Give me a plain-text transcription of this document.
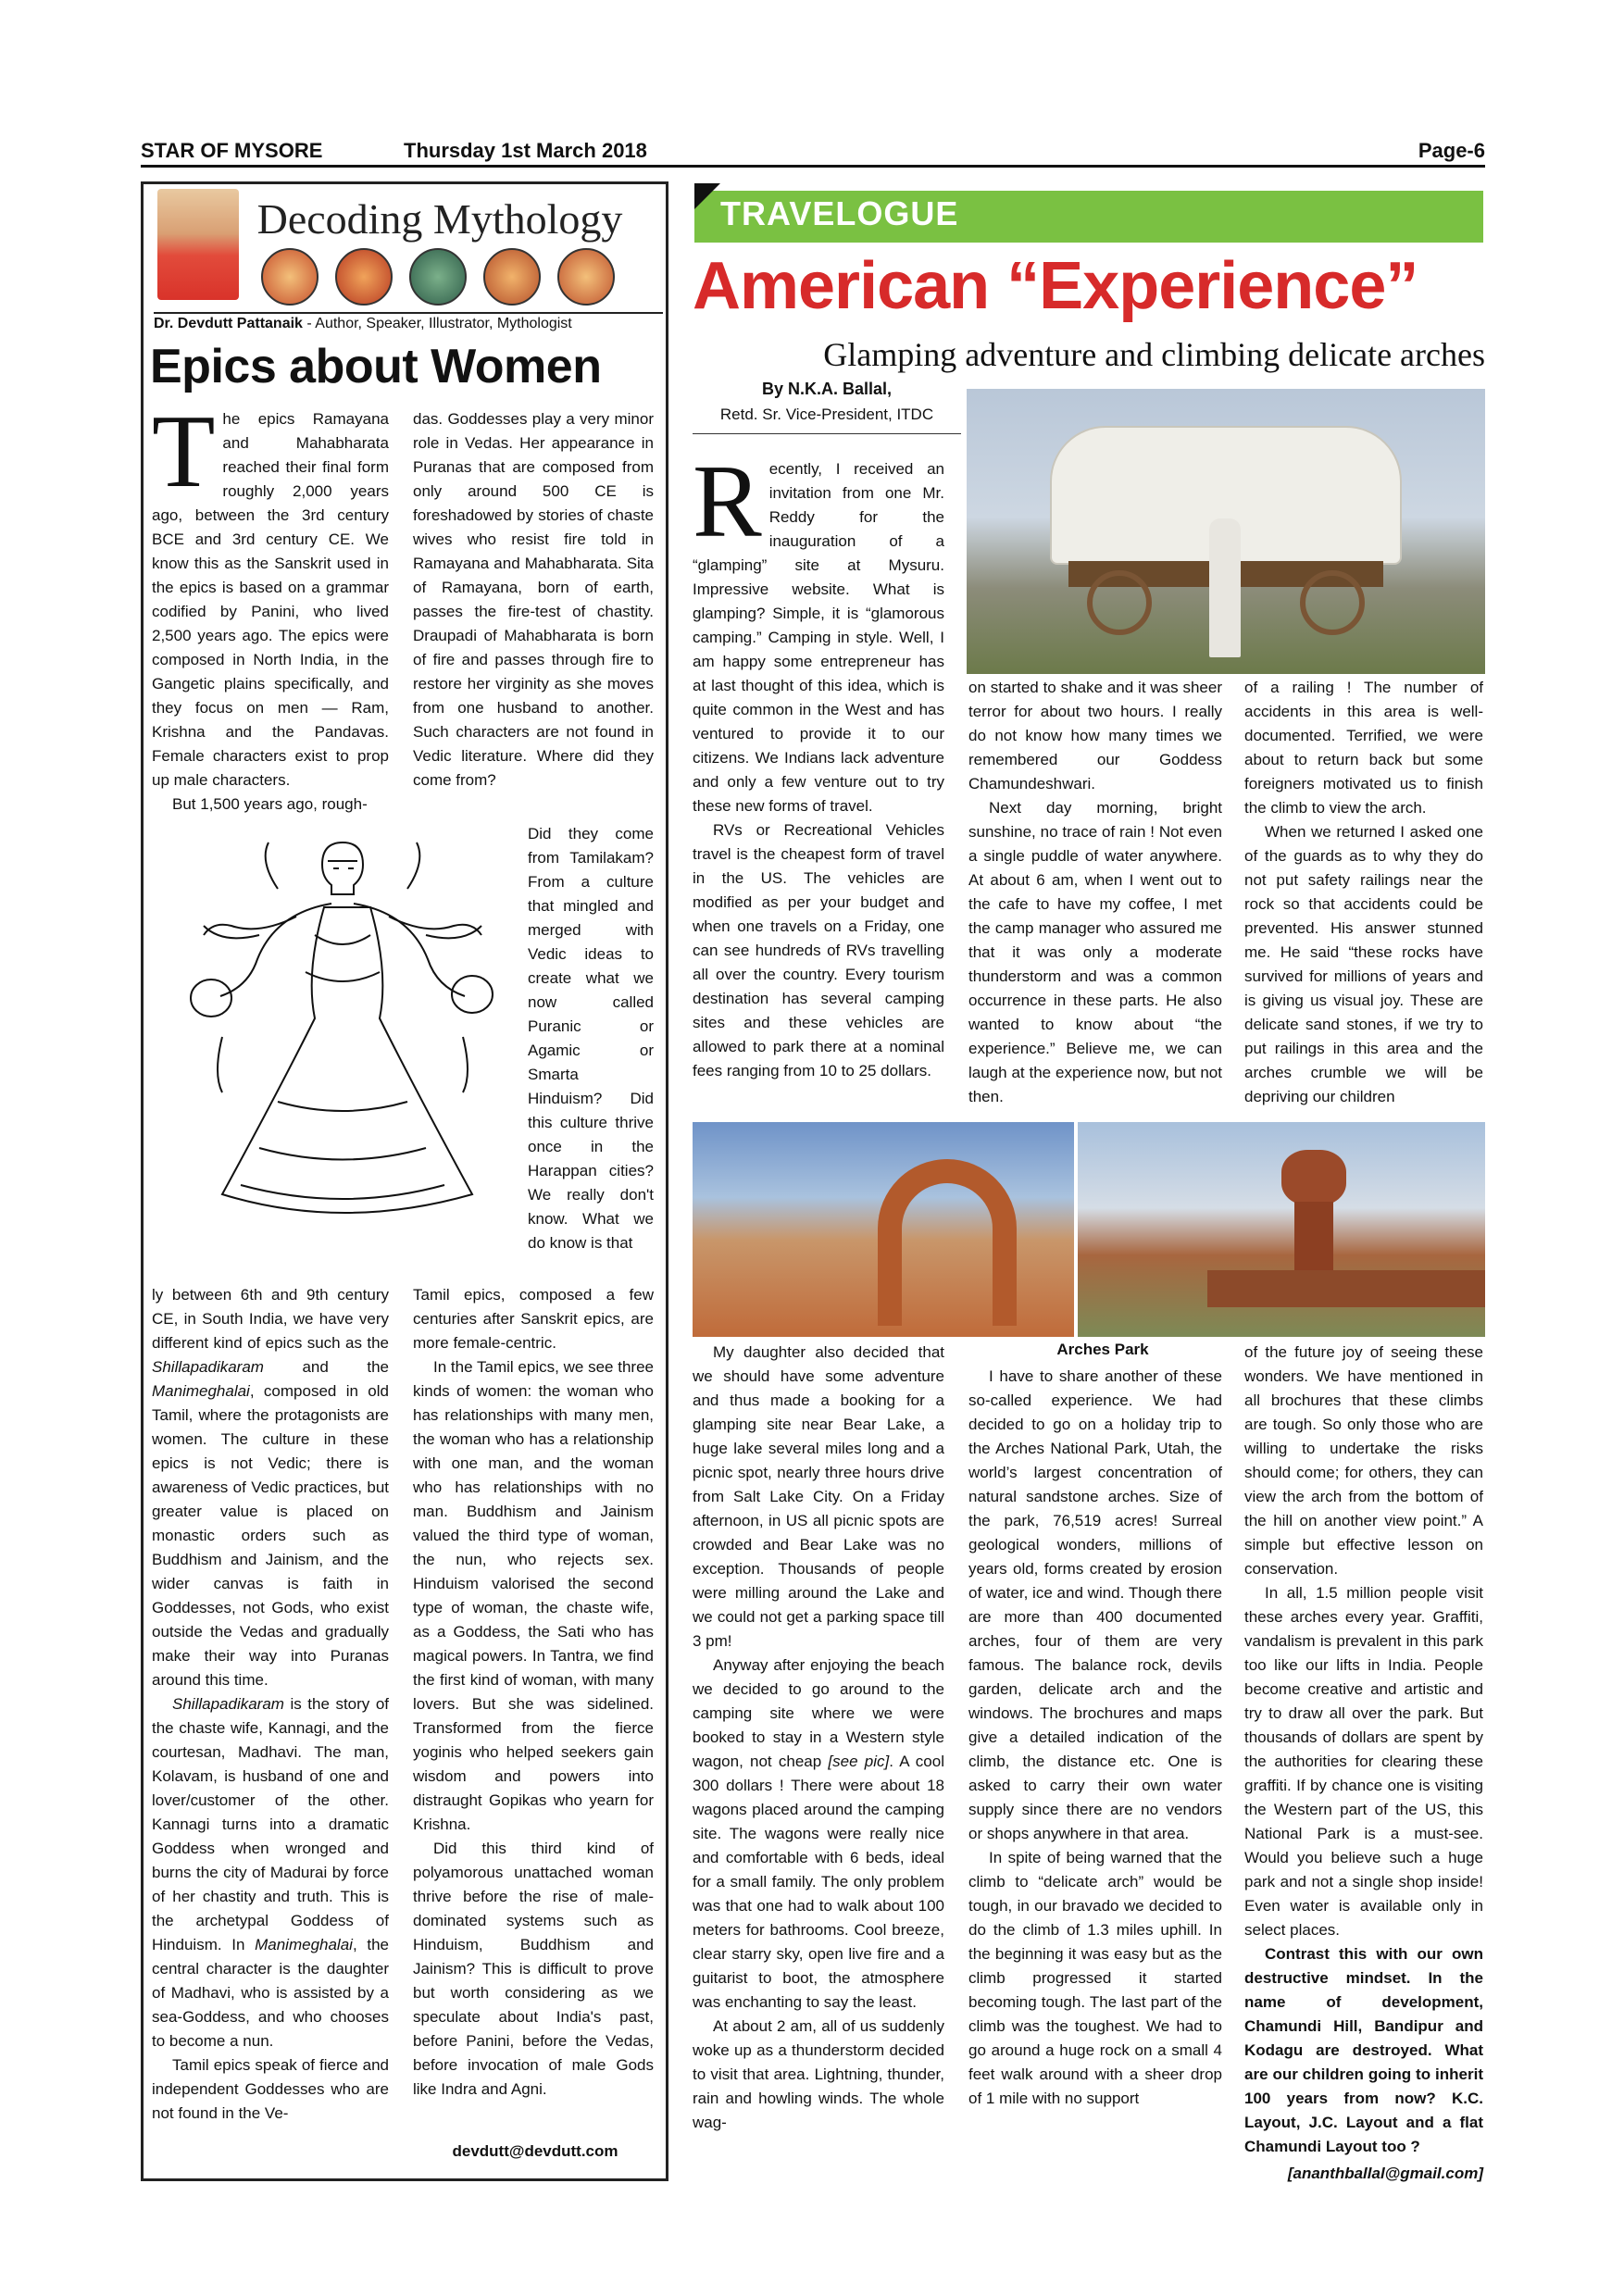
STAR OF MYSORE	Thursday 1st March 2018	Page-6
Decoding Mythology
Dr. Devdutt Pattanaik - Author, Speaker, Illustrator, Mythologist
Epics about Women

The epics Ramayana and Mahabharata reached their final form roughly 2,000 years ago, between the 3rd century BCE and 3rd century CE. We know this as the Sanskrit used in the epics is based on a grammar codified by Panini, who lived 2,500 years ago. The epics were composed in North India, in the Gangetic plains specifically, and they focus on men — Ram, Krishna and the Pandavas. Female characters exist to prop up male characters.

But 1,500 years ago, rough-

das. Goddesses play a very minor role in Vedas. Her appearance in Puranas that are composed from only around 500 CE is foreshadowed by stories of chaste wives who resist fire told in Ramayana and Mahabharata. Sita of Ramayana, born of earth, passes the fire-test of chastity. Draupadi of Mahabharata is born of fire and passes through fire to restore her virginity as she moves from one husband to another. Such characters are not found in Vedic literature. Where did they come from?

Did they come from Tamilakam? From a culture that mingled and merged with Vedic ideas to create what we now called Puranic or Agamic or Smarta Hinduism? Did this culture thrive once in the Harappan cities? We really don't know. What we do know is that

ly between 6th and 9th century CE, in South India, we have very different kind of epics such as the Shillapadikaram and the Manimeghalai, composed in old Tamil, where the protagonists are women. The culture in these epics is not Vedic; there is awareness of Vedic practices, but greater value is placed on monastic orders such as Buddhism and Jainism, and the wider canvas is faith in Goddesses, not Gods, who exist outside the Vedas and gradually make their way into Puranas around this time.

Shillapadikaram is the story of the chaste wife, Kannagi, and the courtesan, Madhavi. The man, Kolavam, is husband of one and lover/customer of the other. Kannagi turns into a dramatic Goddess when wronged and burns the city of Madurai by force of her chastity and truth. This is the archetypal Goddess of Hinduism. In Manimeghalai, the central character is the daughter of Madhavi, who is assisted by a sea-Goddess, and who chooses to become a nun.

Tamil epics speak of fierce and independent Goddesses who are not found in the Ve-

Tamil epics, composed a few centuries after Sanskrit epics, are more female-centric.

In the Tamil epics, we see three kinds of women: the woman who has relationships with many men, the woman who has a relationship with one man, and the woman who has relationships with no man. Buddhism and Jainism valued the third type of woman, the nun, who rejects sex. Hinduism valorised the second type of woman, the chaste wife, as a Goddess, the Sati who has magical powers. In Tantra, we find the first kind of woman, with many lovers. But she was sidelined. Transformed from the fierce yoginis who helped seekers gain wisdom and powers into distraught Gopikas who yearn for Krishna.

Did this third kind of polyamorous unattached woman thrive before the rise of male-dominated systems such as Hinduism, Buddhism and Jainism? This is difficult to prove but worth considering as we speculate about India's past, before Panini, before the Vedas, before invocation of male Gods like Indra and Agni.

devdutt@devdutt.com
TRAVELOGUE
American “Experience”
Glamping adventure and climbing delicate arches
By N.K.A. Ballal,
Retd. Sr. Vice-President, ITDC

Recently, I received an invitation from one Mr. Reddy for the inauguration of a “glamping” site at Mysuru. Impressive website. What is glamping? Simple, it is “glamorous camping.” Camping in style. Well, I am happy some entrepreneur has at last thought of this idea, which is quite common in the West and has ventured to provide it to our citizens. We Indians lack adventure and only a few venture out to try these new forms of travel.

RVs or Recreational Vehicles travel is the cheapest form of travel in the US. The vehicles are modified as per your budget and when one travels on a Friday, one can see hundreds of RVs travelling all over the country. Every tourism destination has several camping sites and these vehicles are allowed to park there at a nominal fees ranging from 10 to 25 dollars.

on started to shake and it was sheer terror for about two hours. I really do not know how many times we remembered our Goddess Chamundeshwari.

Next day morning, bright sunshine, no trace of rain ! Not even a single puddle of water anywhere. At about 6 am, when I went out to the cafe to have my coffee, I met the camp manager who assured me that it was only a moderate thunderstorm and was a common occurrence in these parts. He also wanted to know about “the experience.” Believe me, we can laugh at the experience now, but not then.

of a railing ! The number of accidents in this area is well-documented. Terrified, we were about to return back but some foreigners motivated us to finish the climb to view the arch.

When we returned I asked one of the guards as to why they do not put safety railings near the rock so that accidents could be prevented. His answer stunned me. He said “these rocks have survived for millions of years and is giving us visual joy. These are delicate sand stones, if we try to put railings in this area and the arches crumble we will be depriving our children

My daughter also decided that we should have some adventure and thus made a booking for a glamping site near Bear Lake, a huge lake several miles long and a picnic spot, nearly three hours drive from Salt Lake City. On a Friday afternoon, in US all picnic spots are crowded and Bear Lake was no exception. Thousands of people were milling around the Lake and we could not get a parking space till 3 pm!

Anyway after enjoying the beach we decided to go around to the camping site where we were booked to stay in a Western style wagon, not cheap [see pic]. A cool 300 dollars ! There were about 18 wagons placed around the camping site. The wagons were really nice and comfortable with 6 beds, ideal for a small family. The only problem was that one had to walk about 100 meters for bathrooms. Cool breeze, clear starry sky, open live fire and a guitarist to boot, the atmosphere was enchanting to say the least.

At about 2 am, all of us suddenly woke up as a thunderstorm decided to visit that area. Lightning, thunder, rain and howling winds. The whole wag-

Arches Park

I have to share another of these so-called experience. We had decided to go on a holiday trip to the Arches National Park, Utah, the world’s largest concentration of natural sandstone arches. Size of the park, 76,519 acres! Surreal geological wonders, millions of years old, forms created by erosion of water, ice and wind. Though there are more than 400 documented arches, four of them are very famous. The balance rock, devils garden, delicate arch and the windows. The brochures and maps give a detailed indication of the climb, the distance etc. One is asked to carry their own water supply since there are no vendors or shops anywhere in that area.

In spite of being warned that the climb to “delicate arch” would be tough, in our bravado we decided to do the climb of 1.3 miles uphill. In the beginning it was easy but as the climb progressed it started becoming tough. The last part of the climb was the toughest. We had to go around a huge rock on a small 4 feet walk around with a sheer drop of 1 mile with no support

of the future joy of seeing these wonders. We have mentioned in all brochures that these climbs are tough. So only those who are willing to undertake the risks should come; for others, they can view the arch from the bottom of the hill on another view point.” A simple but effective lesson on conservation.

In all, 1.5 million people visit these arches every year. Graffiti, vandalism is prevalent in this park too like our lifts in India. People become creative and artistic and try to draw all over the park. But thousands of dollars are spent by the authorities for clearing these graffiti. If by chance one is visiting the Western part of the US, this National Park is a must-see. Would you believe such a huge park and not a single shop inside! Even water is available only in select places.

Contrast this with our own destructive mindset. In the name of development, Chamundi Hill, Bandipur and Kodagu are destroyed. What are our children going to inherit 100 years from now? K.C. Layout, J.C. Layout and a flat Chamundi Layout too ?

[ananthballal@gmail.com]
